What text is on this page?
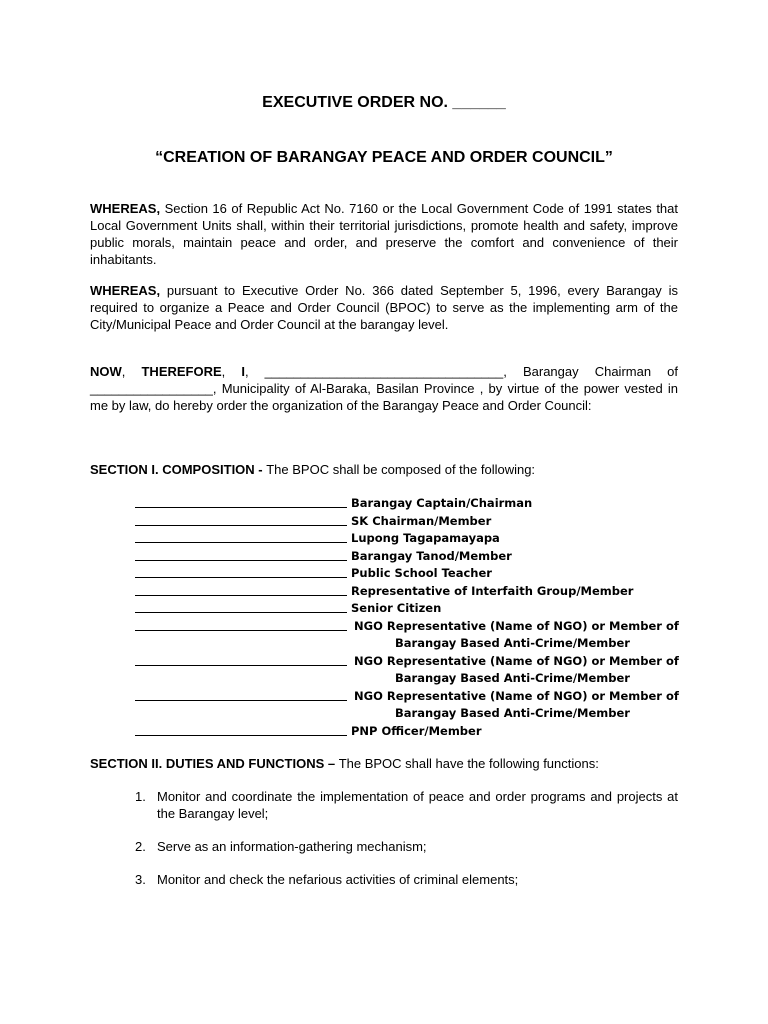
EXECUTIVE ORDER NO. ______
“CREATION OF BARANGAY PEACE AND ORDER COUNCIL”
WHEREAS, Section 16 of Republic Act No. 7160 or the Local Government Code of 1991 states that Local Government Units shall, within their territorial jurisdictions, promote health and safety, improve public morals, maintain peace and order, and preserve the comfort and convenience of their inhabitants.
WHEREAS, pursuant to Executive Order No. 366 dated September 5, 1996, every Barangay is required to organize a Peace and Order Council (BPOC) to serve as the implementing arm of the City/Municipal Peace and Order Council at the barangay level.
NOW, THEREFORE, I, _________________________________, Barangay Chairman of _________________, Municipality of Al-Baraka, Basilan Province , by virtue of the power vested in me by law, do hereby order the organization of the Barangay Peace and Order Council:
SECTION I. COMPOSITION - The BPOC shall be composed of the following:
Barangay Captain/Chairman
SK Chairman/Member
Lupong Tagapamayapa
Barangay Tanod/Member
Public School Teacher
Representative of Interfaith Group/Member
Senior Citizen
NGO Representative (Name of NGO) or Member of
Barangay Based Anti-Crime/Member
NGO Representative (Name of NGO) or Member of
Barangay Based Anti-Crime/Member
NGO Representative (Name of NGO) or Member of
Barangay Based Anti-Crime/Member
PNP Officer/Member
SECTION II. DUTIES AND FUNCTIONS – The BPOC shall have the following functions:
1. Monitor and coordinate the implementation of peace and order programs and projects at the Barangay level;
2. Serve as an information-gathering mechanism;
3. Monitor and check the nefarious activities of criminal elements;
